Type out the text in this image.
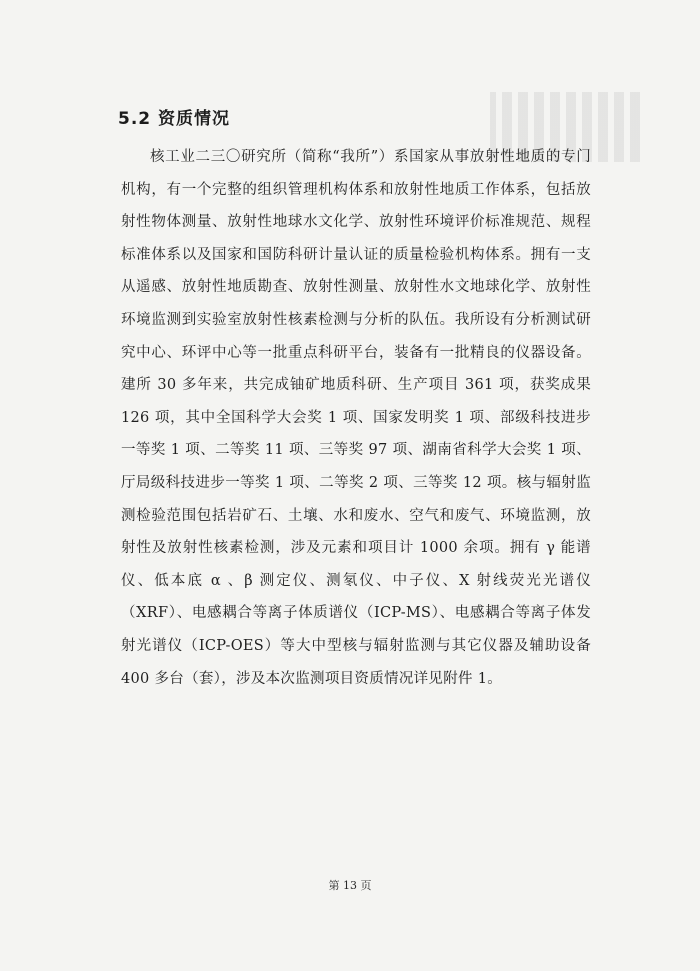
5.2 资质情况

核工业二三〇研究所（简称“我所”）系国家从事放射性地质的专门机构，有一个完整的组织管理机构体系和放射性地质工作体系，包括放射性物体测量、放射性地球水文化学、放射性环境评价标准规范、规程标准体系以及国家和国防科研计量认证的质量检验机构体系。拥有一支从遥感、放射性地质勘查、放射性测量、放射性水文地球化学、放射性环境监测到实验室放射性核素检测与分析的队伍。我所设有分析测试研究中心、环评中心等一批重点科研平台，装备有一批精良的仪器设备。建所 30 多年来，共完成铀矿地质科研、生产项目 361 项，获奖成果 126 项，其中全国科学大会奖 1 项、国家发明奖 1 项、部级科技进步一等奖 1 项、二等奖 11 项、三等奖 97 项、湖南省科学大会奖 1 项、厅局级科技进步一等奖 1 项、二等奖 2 项、三等奖 12 项。核与辐射监测检验范围包括岩矿石、土壤、水和废水、空气和废气、环境监测，放射性及放射性核素检测，涉及元素和项目计 1000 余项。拥有 γ 能谱仪、低本底 α 、β 测定仪、测氡仪、中子仪、X 射线荧光光谱仪（XRF）、电感耦合等离子体质谱仪（ICP-MS）、电感耦合等离子体发射光谱仪（ICP-OES）等大中型核与辐射监测与其它仪器及辅助设备 400 多台（套），涉及本次监测项目资质情况详见附件 1。

第 13 页
